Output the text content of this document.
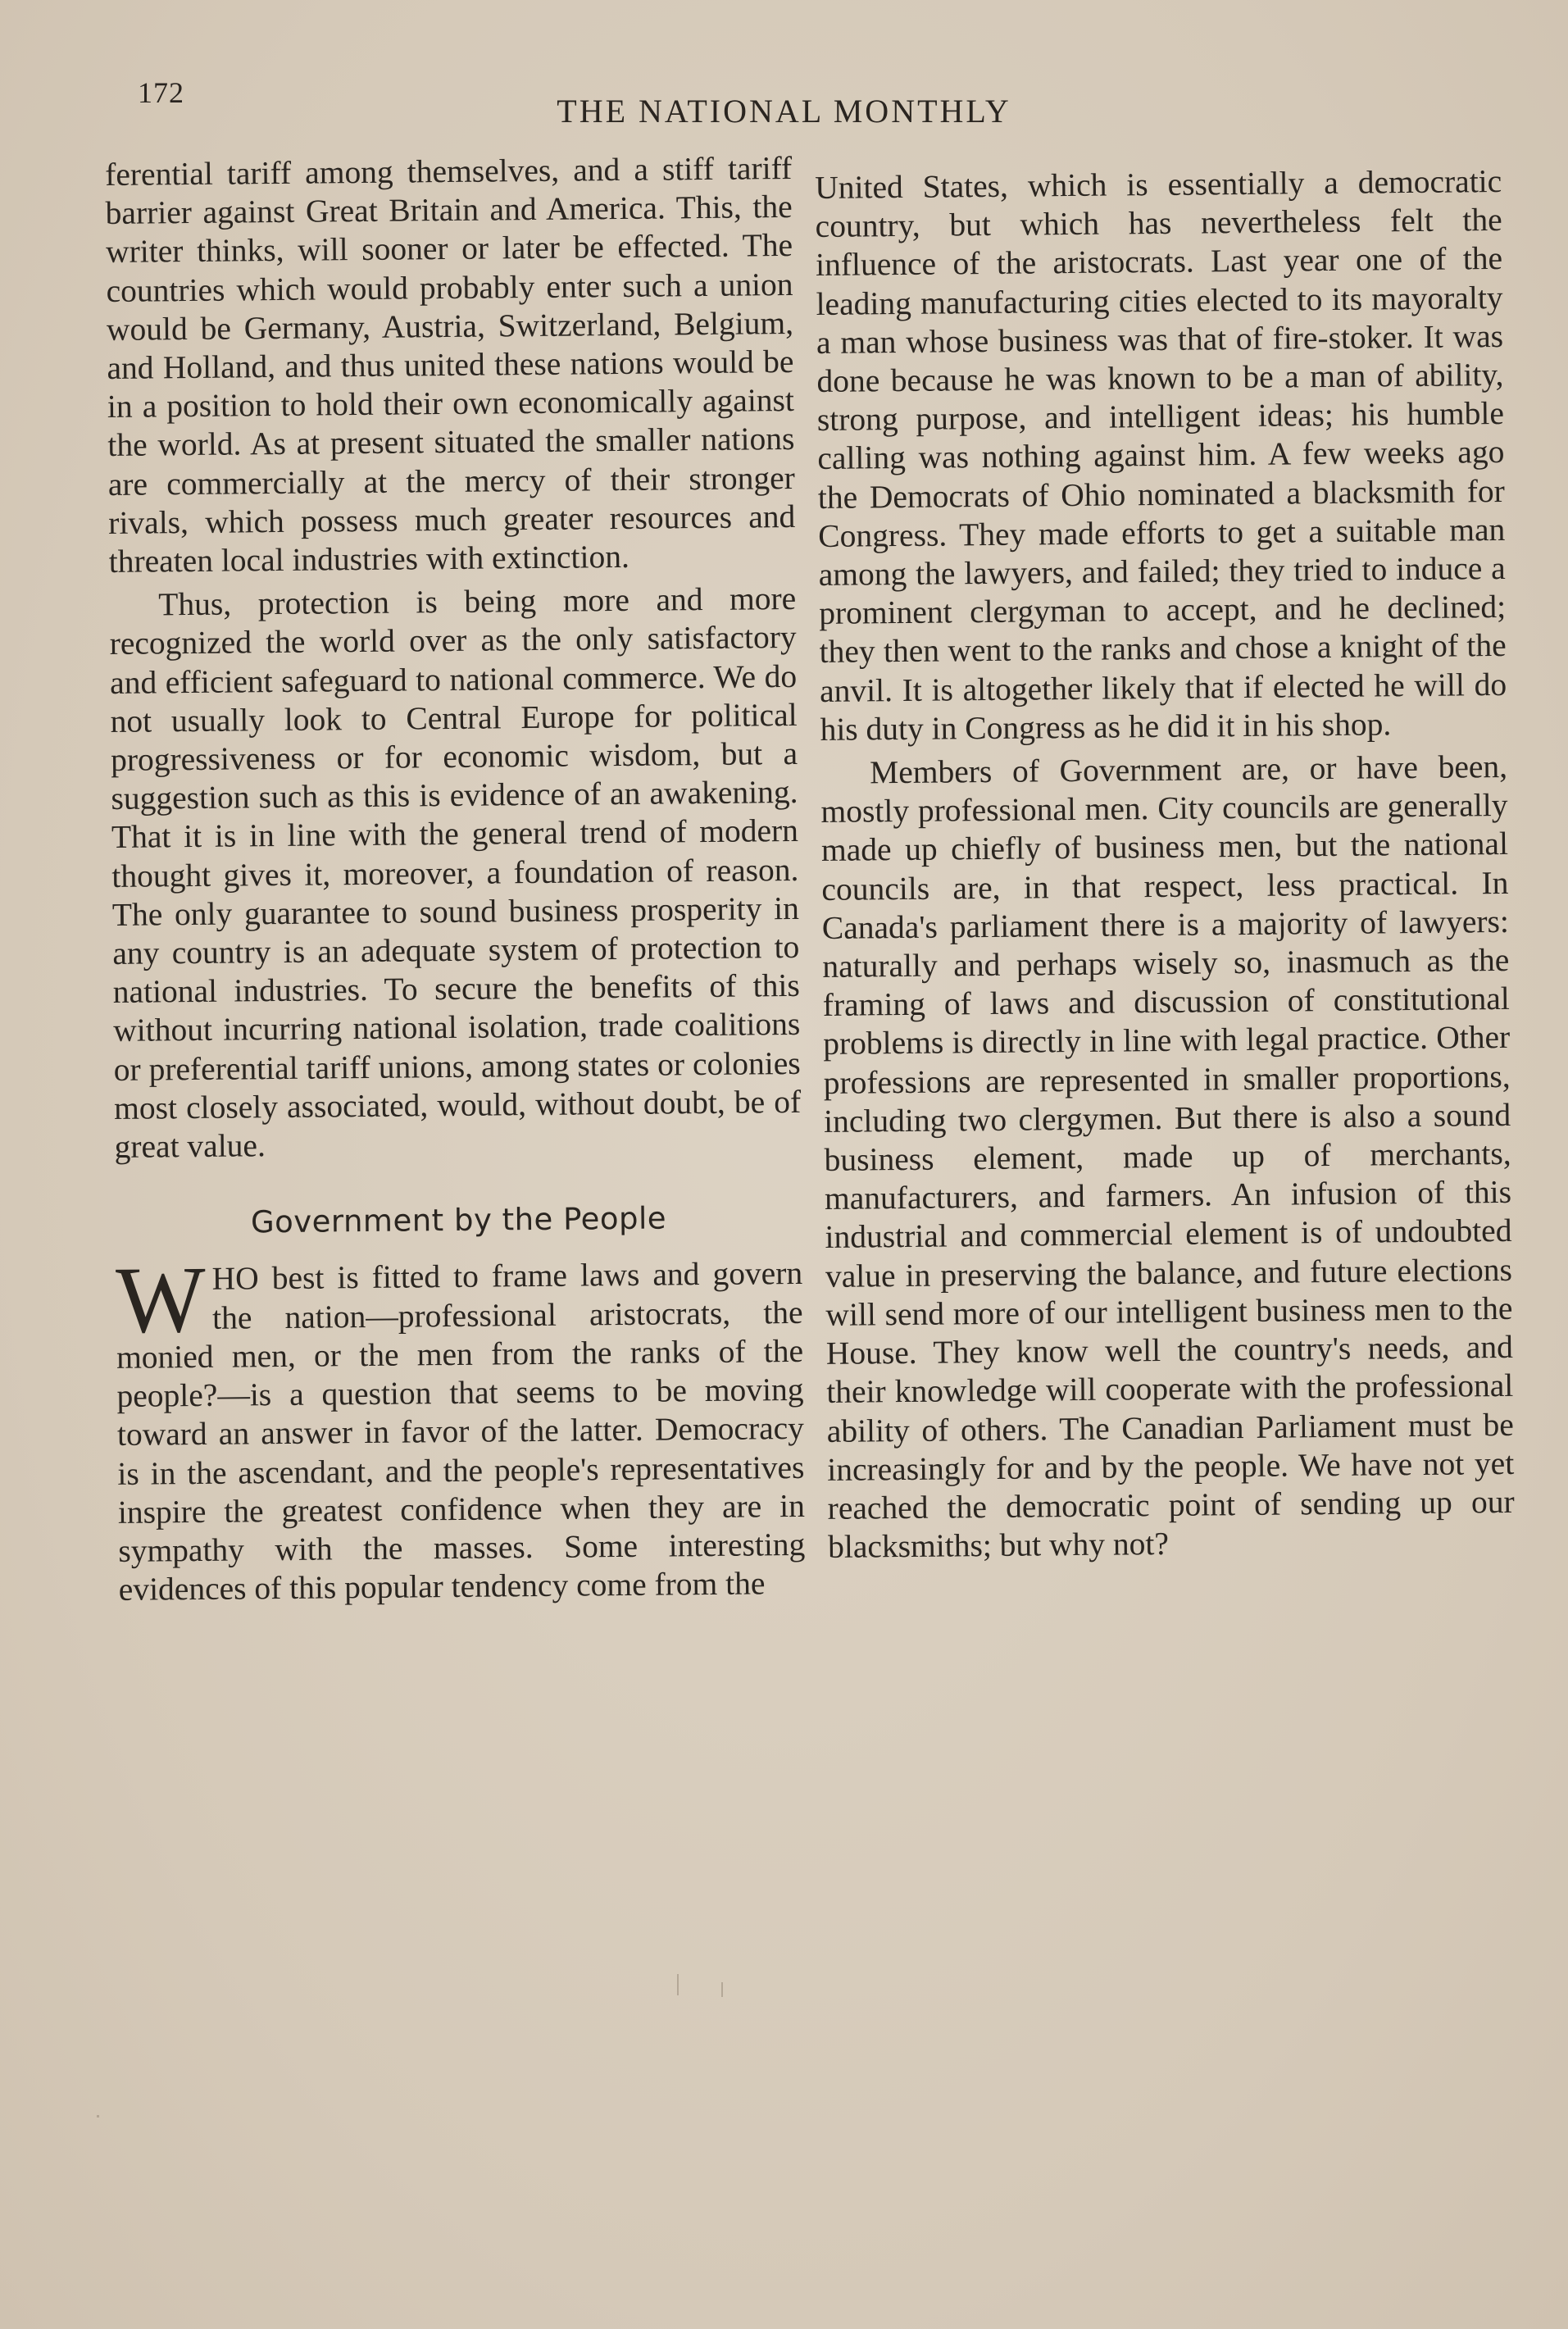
172	THE NATIONAL MONTHLY

ferential tariff among themselves, and a stiff tariff barrier against Great Britain and America. This, the writer thinks, will sooner or later be effected. The countries which would probably enter such a union would be Germany, Austria, Switzerland, Belgium, and Holland, and thus united these nations would be in a position to hold their own economically against the world. As at present situated the smaller nations are commercially at the mercy of their stronger rivals, which possess much greater resources and threaten local industries with extinction.

Thus, protection is being more and more recognized the world over as the only satisfactory and efficient safeguard to national commerce. We do not usually look to Central Europe for political progressiveness or for economic wisdom, but a suggestion such as this is evidence of an awakening. That it is in line with the general trend of modern thought gives it, moreover, a foundation of reason. The only guarantee to sound business prosperity in any country is an adequate system of protection to national industries. To secure the benefits of this without incurring national isolation, trade coalitions or preferential tariff unions, among states or colonies most closely associated, would, without doubt, be of great value.

Government by the People

WHO best is fitted to frame laws and govern the nation—professional aristocrats, the monied men, or the men from the ranks of the people?—is a question that seems to be moving toward an answer in favor of the latter. Democracy is in the ascendant, and the people's representatives inspire the greatest confidence when they are in sympathy with the masses. Some interesting evidences of this popular tendency come from the

United States, which is essentially a democratic country, but which has nevertheless felt the influence of the aristocrats. Last year one of the leading manufacturing cities elected to its mayoralty a man whose business was that of fire-stoker. It was done because he was known to be a man of ability, strong purpose, and intelligent ideas; his humble calling was nothing against him. A few weeks ago the Democrats of Ohio nominated a blacksmith for Congress. They made efforts to get a suitable man among the lawyers, and failed; they tried to induce a prominent clergyman to accept, and he declined; they then went to the ranks and chose a knight of the anvil. It is altogether likely that if elected he will do his duty in Congress as he did it in his shop.

Members of Government are, or have been, mostly professional men. City councils are generally made up chiefly of business men, but the national councils are, in that respect, less practical. In Canada's parliament there is a majority of lawyers: naturally and perhaps wisely so, inasmuch as the framing of laws and discussion of constitutional problems is directly in line with legal practice. Other professions are represented in smaller proportions, including two clergymen. But there is also a sound business element, made up of merchants, manufacturers, and farmers. An infusion of this industrial and commercial element is of undoubted value in preserving the balance, and future elections will send more of our intelligent business men to the House. They know well the country's needs, and their knowledge will cooperate with the professional ability of others. The Canadian Parliament must be increasingly for and by the people. We have not yet reached the democratic point of sending up our blacksmiths; but why not?
